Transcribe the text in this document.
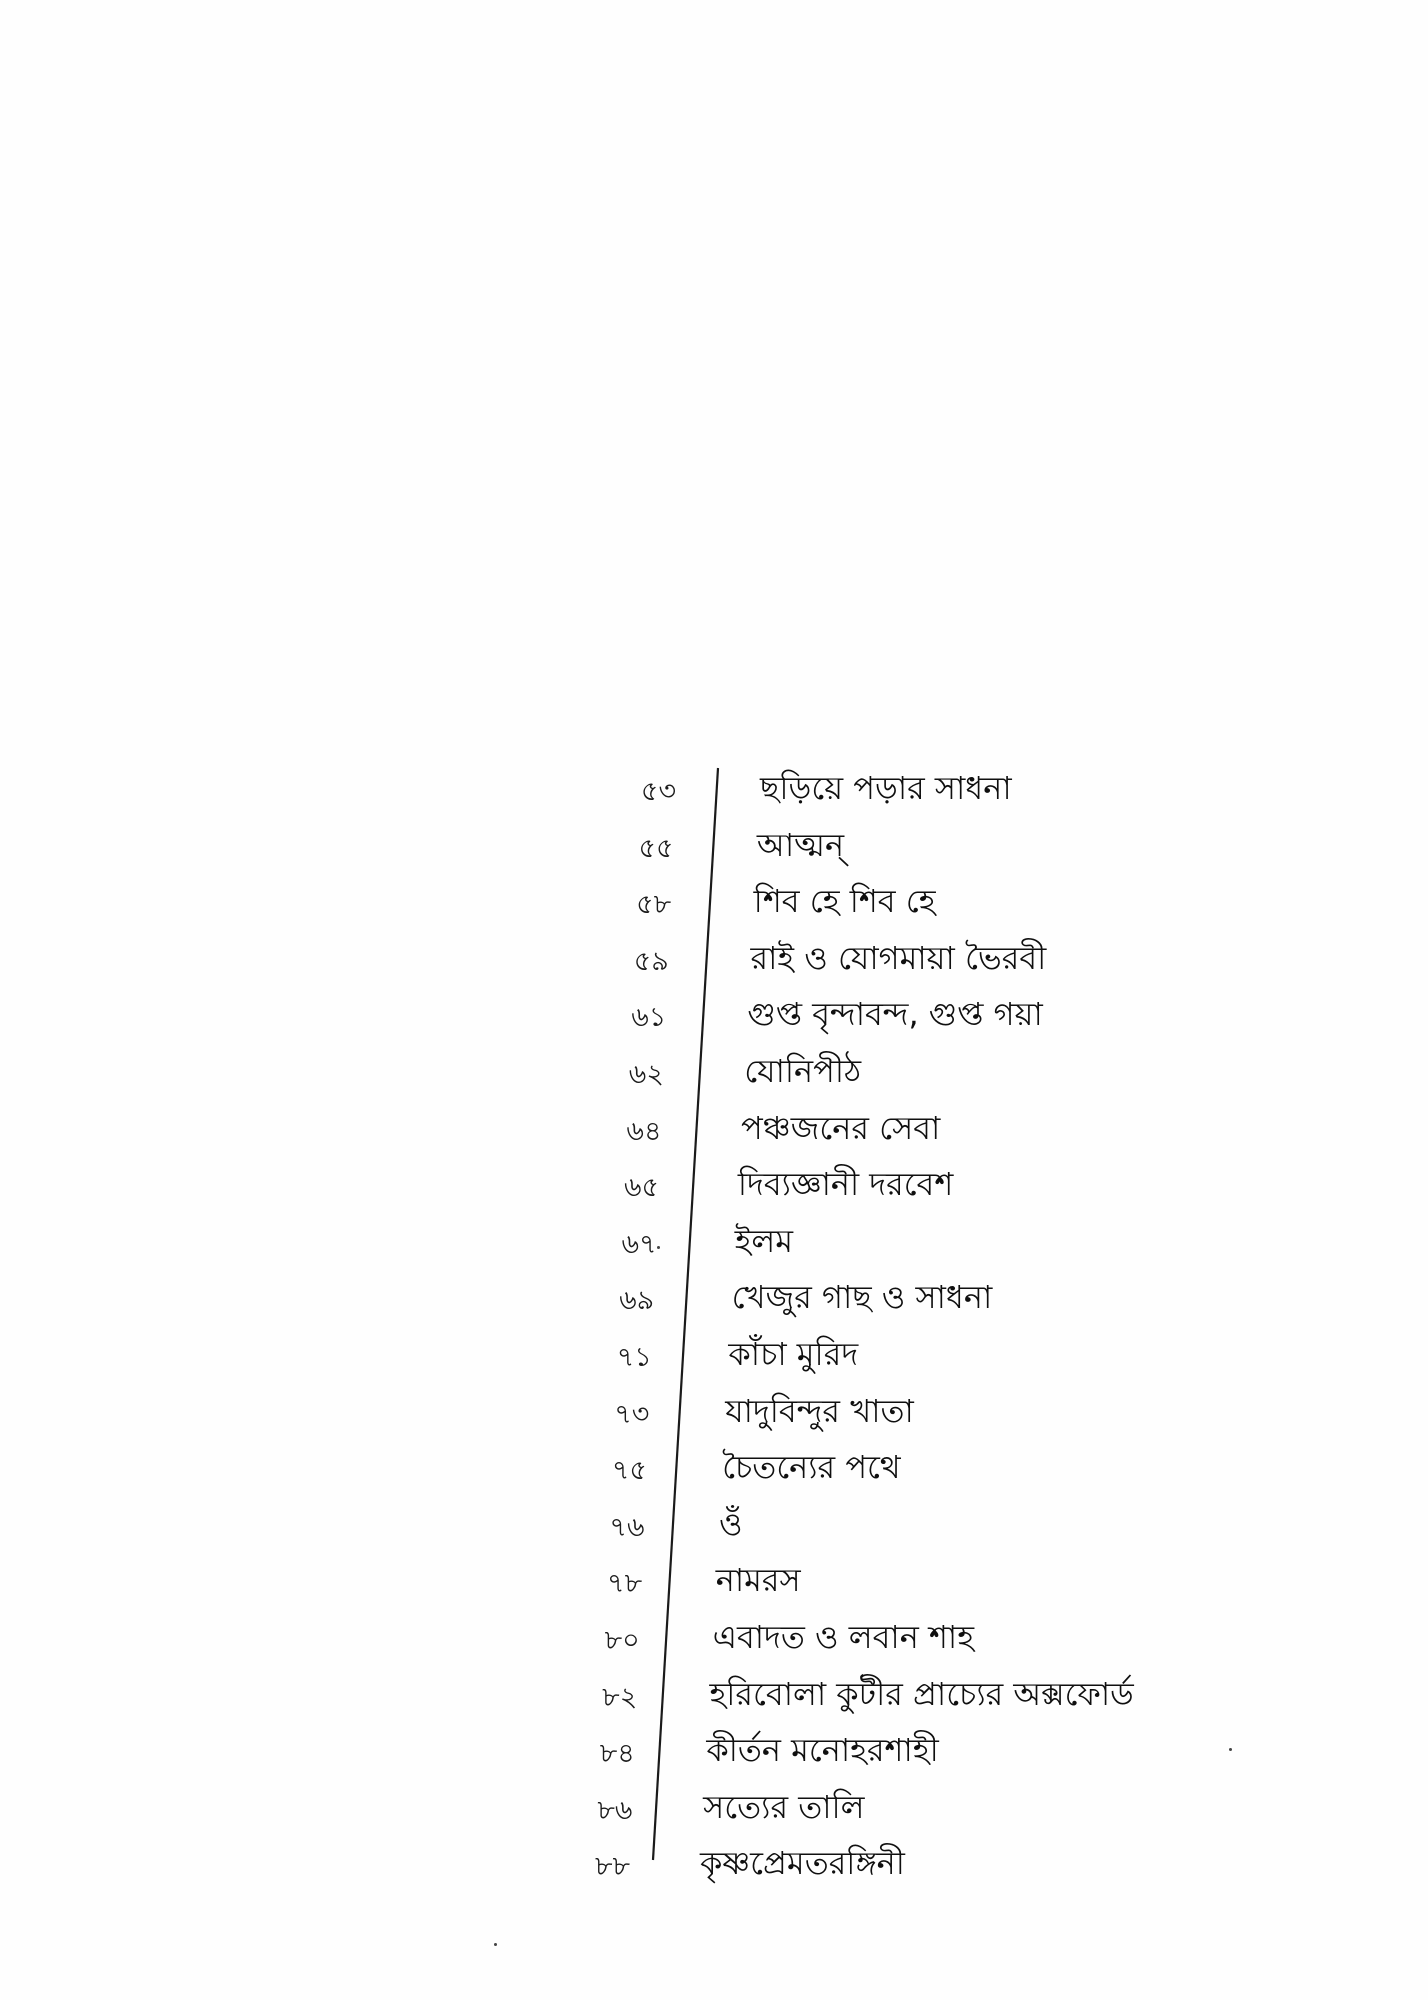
৫৩	ছড়িয়ে পড়ার সাধনা
৫৫	আত্মন্
৫৮	শিব হে শিব হে
৫৯	রাই ও যোগমায়া ভৈরবী
৬১	গুপ্ত বৃন্দাবন্দ, গুপ্ত গয়া
৬২	যোনিপীঠ
৬৪ পঞ্চজনের সেবা
৬৫ দিব্যজ্ঞানী দরবেশ
৬৭ ইলম
৬৯ খেজুর গাছ ও সাধনা
৭১ কাঁচা মুরিদ
৭৩ যাদুবিন্দুর খাতা
৭৫ চৈতন্যের পথে
৭৬ ওঁ
৭৮ নামরস
৮০ এবাদত ও লবান শাহ
৮২ হরিবোলা কুটীর প্রাচ্যের অক্সফোর্ড
৮৪ কীর্তন মনোহরশাহী
৮৬ সত্যের তালি
৮৮ কৃষ্ণপ্রেমতরঙ্গিনী
